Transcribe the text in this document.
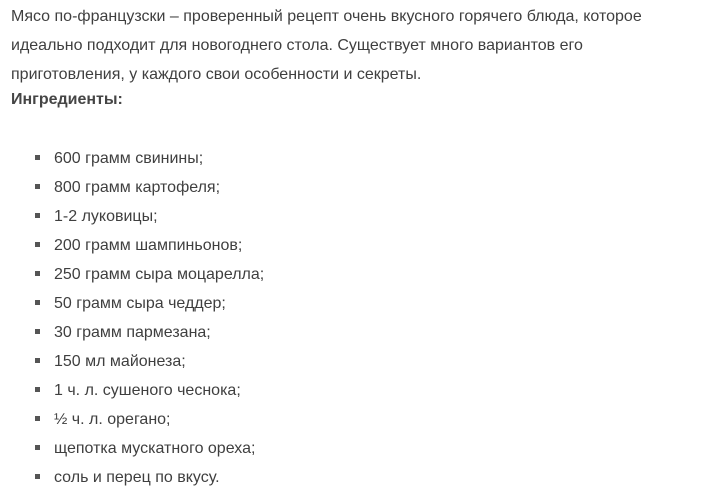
Мясо по-французски – проверенный рецепт очень вкусного горячего блюда, которое идеально подходит для новогоднего стола. Существует много вариантов его приготовления, у каждого свои особенности и секреты.

Ингредиенты:

600 грамм свинины;
800 грамм картофеля;
1-2 луковицы;
200 грамм шампиньонов;
250 грамм сыра моцарелла;
50 грамм сыра чеддер;
30 грамм пармезана;
150 мл майонеза;
1 ч. л. сушеного чеснока;
½ ч. л. орегано;
щепотка мускатного ореха;
соль и перец по вкусу.
